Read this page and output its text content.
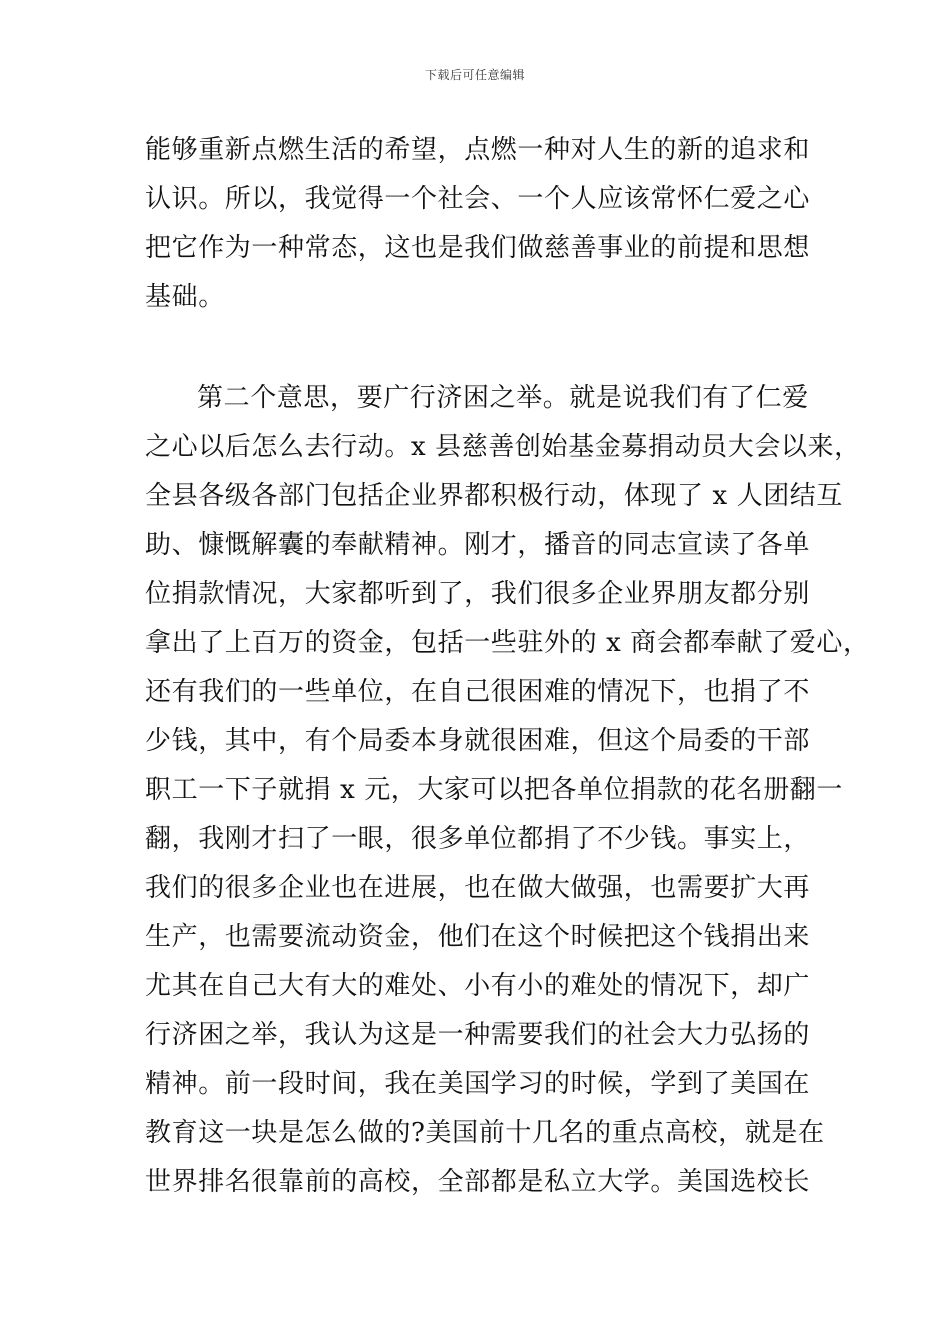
下载后可任意编辑
能够重新点燃生活的希望，点燃一种对人生的新的追求和
认识。所以，我觉得一个社会、一个人应该常怀仁爱之心
把它作为一种常态，这也是我们做慈善事业的前提和思想
基础。
第二个意思，要广行济困之举。就是说我们有了仁爱
之心以后怎么去行动。x 县慈善创始基金募捐动员大会以来，
全县各级各部门包括企业界都积极行动，体现了 x 人团结互
助、慷慨解囊的奉献精神。刚才，播音的同志宣读了各单
位捐款情况，大家都听到了，我们很多企业界朋友都分别
拿出了上百万的资金，包括一些驻外的 x 商会都奉献了爱心，
还有我们的一些单位，在自己很困难的情况下，也捐了不
少钱，其中，有个局委本身就很困难，但这个局委的干部
职工一下子就捐 x 元，大家可以把各单位捐款的花名册翻一
翻，我刚才扫了一眼，很多单位都捐了不少钱。事实上，
我们的很多企业也在进展，也在做大做强，也需要扩大再
生产，也需要流动资金，他们在这个时候把这个钱捐出来
尤其在自己大有大的难处、小有小的难处的情况下，却广
行济困之举，我认为这是一种需要我们的社会大力弘扬的
精神。前一段时间，我在美国学习的时候，学到了美国在
教育这一块是怎么做的?美国前十几名的重点高校，就是在
世界排名很靠前的高校，全部都是私立大学。美国选校长
